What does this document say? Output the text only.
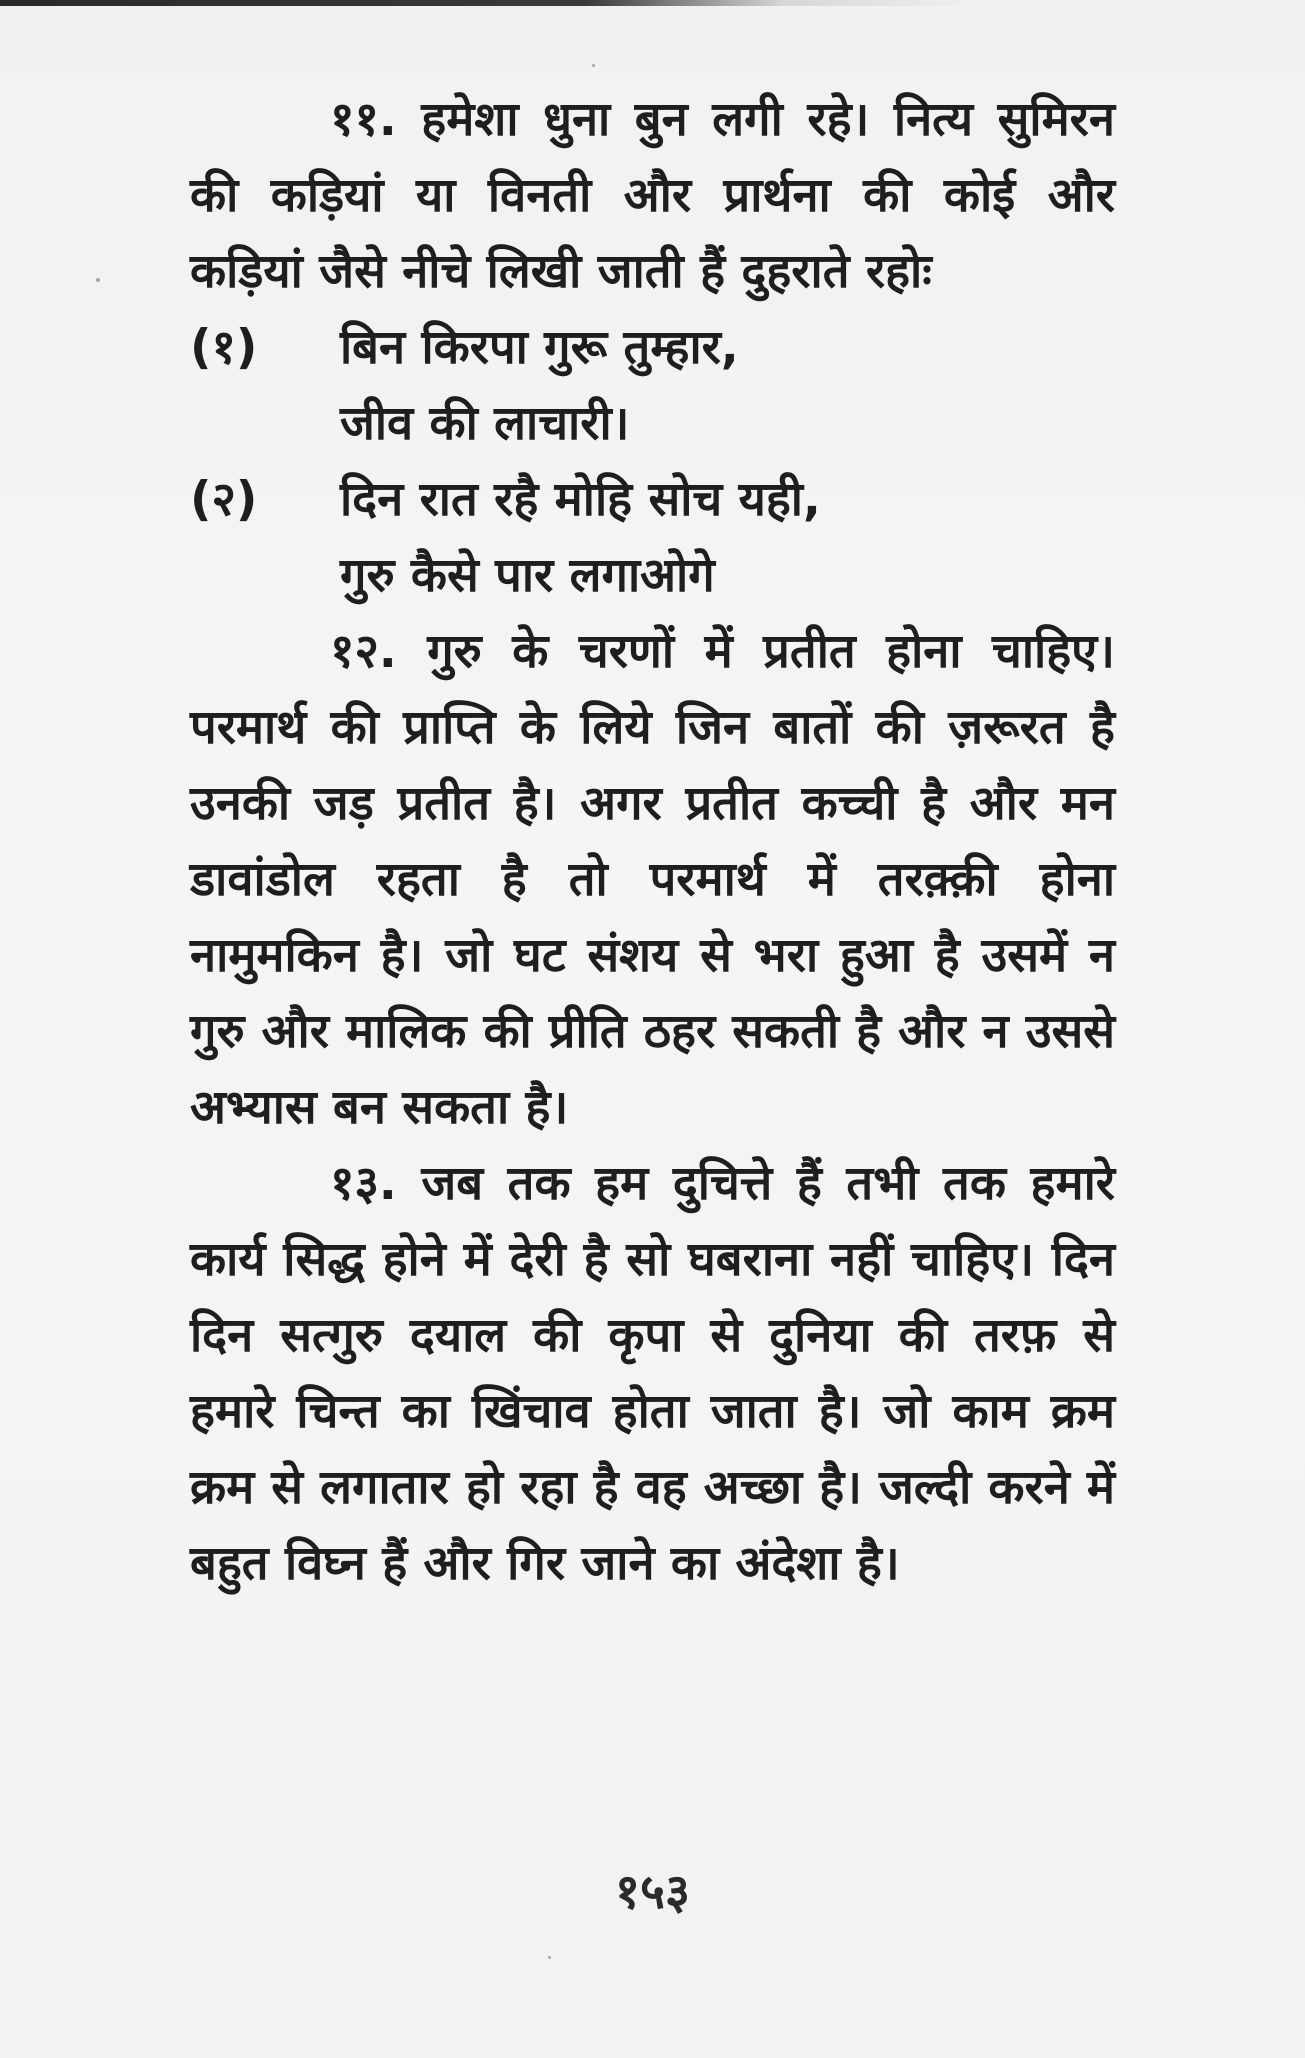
११. हमेशा धुना बुन लगी रहे। नित्य सुमिरन की कड़ियां या विनती और प्रार्थना की कोई और कड़ियां जैसे नीचे लिखी जाती हैं दुहराते रहोः

(१)	बिन किरपा गुरू तुम्हार,
जीव की लाचारी।
(२)	दिन रात रहै मोहि सोच यही,
गुरु कैसे पार लगाओगे

१२. गुरु के चरणों में प्रतीत होना चाहिए। परमार्थ की प्राप्ति के लिये जिन बातों की ज़रूरत है उनकी जड़ प्रतीत है। अगर प्रतीत कच्ची है और मन डावांडोल रहता है तो परमार्थ में तरक़्क़ी होना नामुमकिन है। जो घट संशय से भरा हुआ है उसमें न गुरु और मालिक की प्रीति ठहर सकती है और न उससे अभ्यास बन सकता है।

१३. जब तक हम दुचित्ते हैं तभी तक हमारे कार्य सिद्ध होने में देरी है सो घबराना नहीं चाहिए। दिन दिन सत्गुरु दयाल की कृपा से दुनिया की तरफ़ से हमारे चिन्त का खिंचाव होता जाता है। जो काम क्रम क्रम से लगातार हो रहा है वह अच्छा है। जल्दी करने में बहुत विघ्न हैं और गिर जाने का अंदेशा है।

१५३
